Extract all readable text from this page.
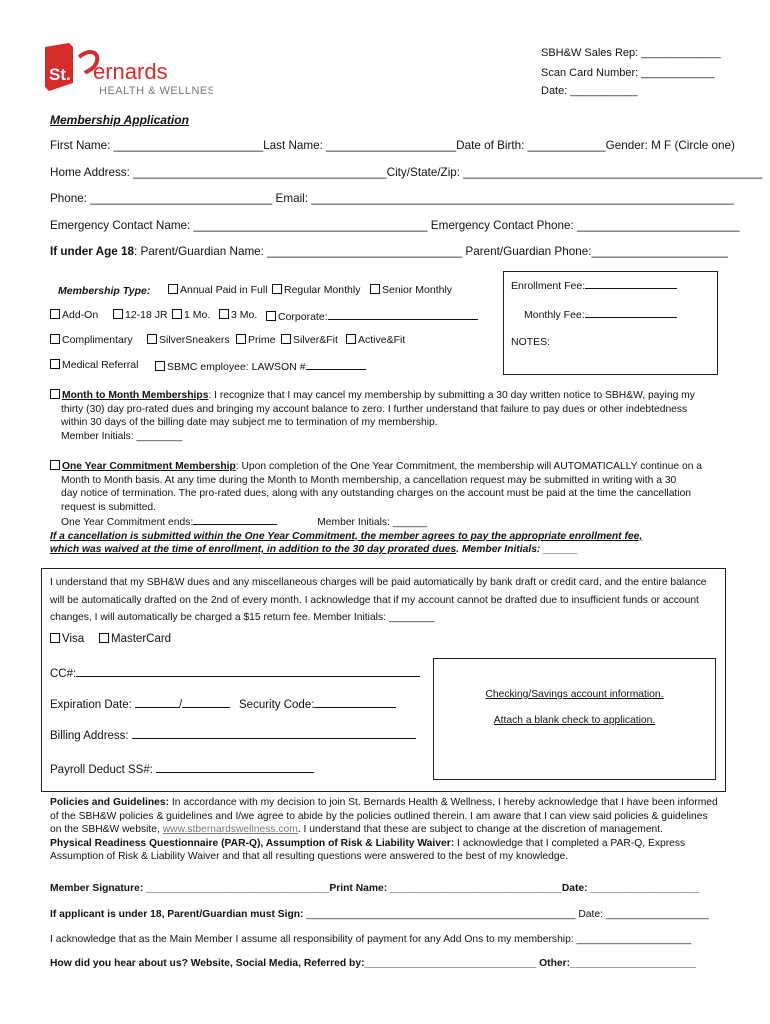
St. ernards
HEALTH & WELLNESS
SBH&W Sales Rep: _____________
Scan Card Number: ____________
Date: ___________
Membership Application
First Name: _______________________Last Name: ____________________Date of Birth: ____________Gender: M F (Circle one)
Home Address: _______________________________________City/State/Zip: ______________________________________________
Phone: ____________________________ Email: _________________________________________________________________
Emergency Contact Name: ____________________________________ Emergency Contact Phone: _________________________
If under Age 18: Parent/Guardian Name: ______________________________ Parent/Guardian Phone:_____________________
Membership Type:	Annual Paid in Full	Regular Monthly	Senior Monthly
Add-On	12-18 JR	1 Mo.	3 Mo.	Corporate:
Complimentary	SilverSneakers	Prime	Silver&Fit	Active&Fit
Medical Referral	SBMC employee: LAWSON #
Enrollment Fee:
Monthly Fee:
NOTES:
Month to Month Memberships: I recognize that I may cancel my membership by submitting a 30 day written notice to SBH&W, paying my
thirty (30) day pro-rated dues and bringing my account balance to zero. I further understand that failure to pay dues or other indebtedness
within 30 days of the billing date may subject me to termination of my membership.
Member Initials: ________
One Year Commitment Membership: Upon completion of the One Year Commitment, the membership will AUTOMATICALLY continue on a
Month to Month basis. At any time during the Month to Month membership, a cancellation request may be submitted in writing with a 30
day notice of termination. The pro-rated dues, along with any outstanding charges on the account must be paid at the time the cancellation
request is submitted.
One Year Commitment ends:	Member Initials: ______
If a cancellation is submitted within the One Year Commitment, the member agrees to pay the appropriate enrollment fee,
which was waived at the time of enrollment, in addition to the 30 day prorated dues. Member Initials: ______
I understand that my SBH&W dues and any miscellaneous charges will be paid automatically by bank draft or credit card, and the entire balance
will be automatically drafted on the 2nd of every month. I acknowledge that if my account cannot be drafted due to insufficient funds or account
changes, I will automatically be charged a $15 return fee. Member Initials: ________
Visa	MasterCard
CC#:
Expiration Date:	/	Security Code:
Billing Address:
Payroll Deduct SS#:
Checking/Savings account information.
Attach a blank check to application.
Policies and Guidelines: In accordance with my decision to join St. Bernards Health & Wellness, I hereby acknowledge that I have been informed
of the SBH&W policies & guidelines and I/we agree to abide by the policies outlined therein. I am aware that I can view said policies & guidelines
on the SBH&W website, www.stbernardswellness.com. I understand that these are subject to change at the discretion of management.
Physical Readiness Questionnaire (PAR-Q), Assumption of Risk & Liability Waiver: I acknowledge that I completed a PAR-Q, Express
Assumption of Risk & Liability Waiver and that all resulting questions were answered to the best of my knowledge.
Member Signature: ________________________________Print Name: ______________________________Date: ___________________
If applicant is under 18, Parent/Guardian must Sign: _______________________________________________ Date: __________________
I acknowledge that as the Main Member I assume all responsibility of payment for any Add Ons to my membership: ____________________
How did you hear about us? Website, Social Media, Referred by:______________________________ Other:______________________
